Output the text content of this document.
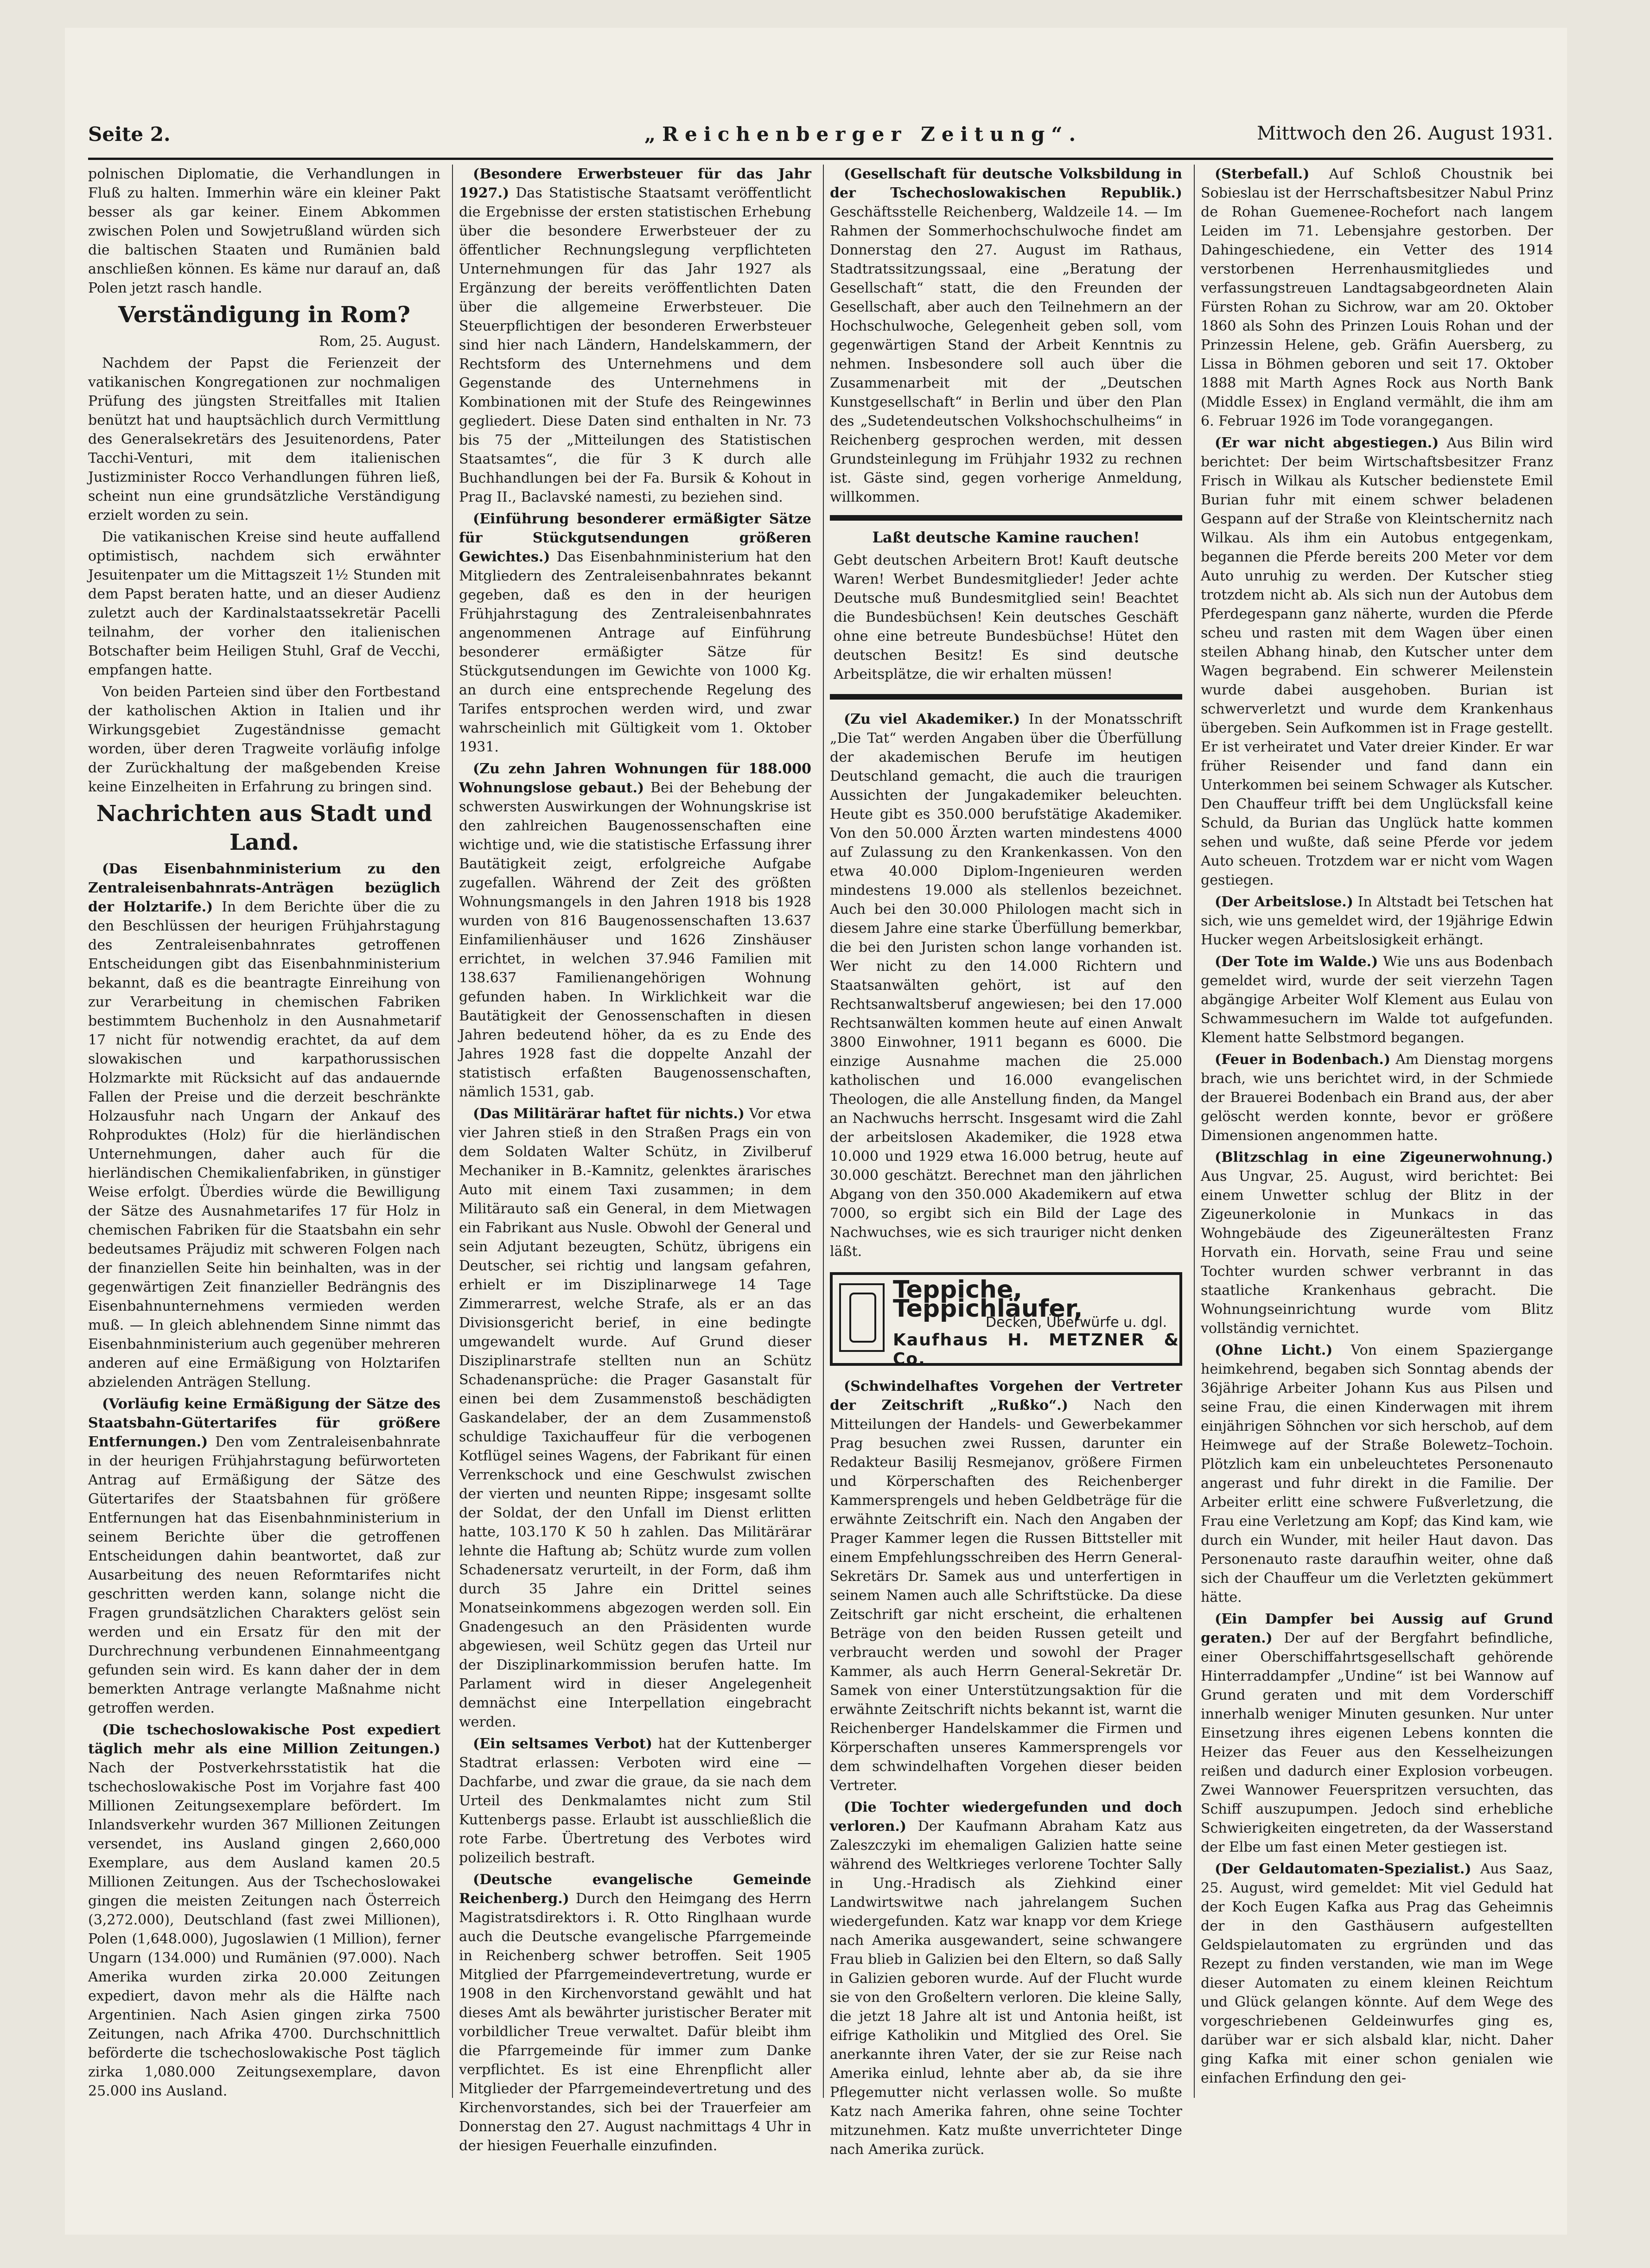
Seite 2.	„Reichenberger Zeitung“.	Mittwoch den 26. August 1931.

polnischen Diplomatie, die Verhandlungen in Fluß zu halten. Immerhin wäre ein kleiner Pakt besser als gar keiner. Einem Abkommen zwischen Polen und Sowjetrußland würden sich die baltischen Staaten und Rumänien bald anschließen können. Es käme nur darauf an, daß Polen jetzt rasch handle.

Verständigung in Rom?

Rom, 25. August.

Nachdem der Papst die Ferienzeit der vatikanischen Kongregationen zur nochmaligen Prüfung des jüngsten Streitfalles mit Italien benützt hat und hauptsächlich durch Vermittlung des Generalsekretärs des Jesuitenordens, Pater Tacchi-Venturi, mit dem italienischen Justizminister Rocco Verhandlungen führen ließ, scheint nun eine grundsätzliche Verständigung erzielt worden zu sein.

Die vatikanischen Kreise sind heute auffallend optimistisch, nachdem sich erwähnter Jesuitenpater um die Mittagszeit 1½ Stunden mit dem Papst beraten hatte, und an dieser Audienz zuletzt auch der Kardinalstaatssekretär Pacelli teilnahm, der vorher den italienischen Botschafter beim Heiligen Stuhl, Graf de Vecchi, empfangen hatte.

Von beiden Parteien sind über den Fortbestand der katholischen Aktion in Italien und ihr Wirkungsgebiet Zugeständnisse gemacht worden, über deren Tragweite vorläufig infolge der Zurückhaltung der maßgebenden Kreise keine Einzelheiten in Erfahrung zu bringen sind.

Nachrichten aus Stadt und Land.

(Das Eisenbahnministerium zu den Zentraleisenbahnrats-Anträgen bezüglich der Holztarife.) In dem Berichte über die zu den Beschlüssen der heurigen Frühjahrstagung des Zentraleisenbahnrates getroffenen Entscheidungen gibt das Eisenbahnministerium bekannt, daß es die beantragte Einreihung von zur Verarbeitung in chemischen Fabriken bestimmtem Buchenholz in den Ausnahmetarif 17 nicht für notwendig erachtet, da auf dem slowakischen und karpathorussischen Holzmarkte mit Rücksicht auf das andauernde Fallen der Preise und die derzeit beschränkte Holzausfuhr nach Ungarn der Ankauf des Rohproduktes (Holz) für die hierländischen Unternehmungen, daher auch für die hierländischen Chemikalienfabriken, in günstiger Weise erfolgt. Überdies würde die Bewilligung der Sätze des Ausnahmetarifes 17 für Holz in chemischen Fabriken für die Staatsbahn ein sehr bedeutsames Präjudiz mit schweren Folgen nach der finanziellen Seite hin beinhalten, was in der gegenwärtigen Zeit finanzieller Bedrängnis des Eisenbahnunternehmens vermieden werden muß. — In gleich ablehnendem Sinne nimmt das Eisenbahnministerium auch gegenüber mehreren anderen auf eine Ermäßigung von Holztarifen abzielenden Anträgen Stellung.

(Vorläufig keine Ermäßigung der Sätze des Staatsbahn-Gütertarifes für größere Entfernungen.) Den vom Zentraleisenbahnrate in der heurigen Frühjahrstagung befürworteten Antrag auf Ermäßigung der Sätze des Gütertarifes der Staatsbahnen für größere Entfernungen hat das Eisenbahnministerium in seinem Berichte über die getroffenen Entscheidungen dahin beantwortet, daß zur Ausarbeitung des neuen Reformtarifes nicht geschritten werden kann, solange nicht die Fragen grundsätzlichen Charakters gelöst sein werden und ein Ersatz für den mit der Durchrechnung verbundenen Einnahmeentgang gefunden sein wird. Es kann daher der in dem bemerkten Antrage verlangte Maßnahme nicht getroffen werden.

(Die tschechoslowakische Post expediert täglich mehr als eine Million Zeitungen.) Nach der Postverkehrsstatistik hat die tschechoslowakische Post im Vorjahre fast 400 Millionen Zeitungsexemplare befördert. Im Inlandsverkehr wurden 367 Millionen Zeitungen versendet, ins Ausland gingen 2,660,000 Exemplare, aus dem Ausland kamen 20.5 Millionen Zeitungen. Aus der Tschechoslowakei gingen die meisten Zeitungen nach Österreich (3,272.000), Deutschland (fast zwei Millionen), Polen (1,648.000), Jugoslawien (1 Million), ferner Ungarn (134.000) und Rumänien (97.000). Nach Amerika wurden zirka 20.000 Zeitungen expediert, davon mehr als die Hälfte nach Argentinien. Nach Asien gingen zirka 7500 Zeitungen, nach Afrika 4700. Durchschnittlich beförderte die tschechoslowakische Post täglich zirka 1,080.000 Zeitungsexemplare, davon 25.000 ins Ausland.

(Besondere Erwerbsteuer für das Jahr 1927.) Das Statistische Staatsamt veröffentlicht die Ergebnisse der ersten statistischen Erhebung über die besondere Erwerbsteuer der zu öffentlicher Rechnungslegung verpflichteten Unternehmungen für das Jahr 1927 als Ergänzung der bereits veröffentlichten Daten über die allgemeine Erwerbsteuer. Die Steuerpflichtigen der besonderen Erwerbsteuer sind hier nach Ländern, Handelskammern, der Rechtsform des Unternehmens und dem Gegenstande des Unternehmens in Kombinationen mit der Stufe des Reingewinnes gegliedert. Diese Daten sind enthalten in Nr. 73 bis 75 der „Mitteilungen des Statistischen Staatsamtes“, die für 3 K durch alle Buchhandlungen bei der Fa. Bursik & Kohout in Prag II., Baclavské namesti, zu beziehen sind.

(Einführung besonderer ermäßigter Sätze für Stückgutsendungen größeren Gewichtes.) Das Eisenbahnministerium hat den Mitgliedern des Zentraleisenbahnrates bekannt gegeben, daß es den in der heurigen Frühjahrstagung des Zentraleisenbahnrates angenommenen Antrage auf Einführung besonderer ermäßigter Sätze für Stückgutsendungen im Gewichte von 1000 Kg. an durch eine entsprechende Regelung des Tarifes entsprochen werden wird, und zwar wahrscheinlich mit Gültigkeit vom 1. Oktober 1931.

(Zu zehn Jahren Wohnungen für 188.000 Wohnungslose gebaut.) Bei der Behebung der schwersten Auswirkungen der Wohnungskrise ist den zahlreichen Baugenossenschaften eine wichtige und, wie die statistische Erfassung ihrer Bautätigkeit zeigt, erfolgreiche Aufgabe zugefallen. Während der Zeit des größten Wohnungsmangels in den Jahren 1918 bis 1928 wurden von 816 Baugenossenschaften 13.637 Einfamilienhäuser und 1626 Zinshäuser errichtet, in welchen 37.946 Familien mit 138.637 Familienangehörigen Wohnung gefunden haben. In Wirklichkeit war die Bautätigkeit der Genossenschaften in diesen Jahren bedeutend höher, da es zu Ende des Jahres 1928 fast die doppelte Anzahl der statistisch erfaßten Baugenossenschaften, nämlich 1531, gab.

(Das Militärärar haftet für nichts.) Vor etwa vier Jahren stieß in den Straßen Prags ein von dem Soldaten Walter Schütz, in Zivilberuf Mechaniker in B.-Kamnitz, gelenktes ärarisches Auto mit einem Taxi zusammen; in dem Militärauto saß ein General, in dem Mietwagen ein Fabrikant aus Nusle. Obwohl der General und sein Adjutant bezeugten, Schütz, übrigens ein Deutscher, sei richtig und langsam gefahren, erhielt er im Disziplinarwege 14 Tage Zimmerarrest, welche Strafe, als er an das Divisionsgericht berief, in eine bedingte umgewandelt wurde. Auf Grund dieser Disziplinarstrafe stellten nun an Schütz Schadenansprüche: die Prager Gasanstalt für einen bei dem Zusammenstoß beschädigten Gaskandelaber, der an dem Zusammenstoß schuldige Taxichauffeur für die verbogenen Kotflügel seines Wagens, der Fabrikant für einen Verrenkschock und eine Geschwulst zwischen der vierten und neunten Rippe; insgesamt sollte der Soldat, der den Unfall im Dienst erlitten hatte, 103.170 K 50 h zahlen. Das Militärärar lehnte die Haftung ab; Schütz wurde zum vollen Schadenersatz verurteilt, in der Form, daß ihm durch 35 Jahre ein Drittel seines Monatseinkommens abgezogen werden soll. Ein Gnadengesuch an den Präsidenten wurde abgewiesen, weil Schütz gegen das Urteil nur der Disziplinarkommission berufen hatte. Im Parlament wird in dieser Angelegenheit demnächst eine Interpellation eingebracht werden.

(Ein seltsames Verbot) hat der Kuttenberger Stadtrat erlassen: Verboten wird eine — Dachfarbe, und zwar die graue, da sie nach dem Urteil des Denkmalamtes nicht zum Stil Kuttenbergs passe. Erlaubt ist ausschließlich die rote Farbe. Übertretung des Verbotes wird polizeilich bestraft.

(Deutsche evangelische Gemeinde Reichenberg.) Durch den Heimgang des Herrn Magistratsdirektors i. R. Otto Ringlhaan wurde auch die Deutsche evangelische Pfarrgemeinde in Reichenberg schwer betroffen. Seit 1905 Mitglied der Pfarrgemeindevertretung, wurde er 1908 in den Kirchenvorstand gewählt und hat dieses Amt als bewährter juristischer Berater mit vorbildlicher Treue verwaltet. Dafür bleibt ihm die Pfarrgemeinde für immer zum Danke verpflichtet. Es ist eine Ehrenpflicht aller Mitglieder der Pfarrgemeindevertretung und des Kirchenvorstandes, sich bei der Trauerfeier am Donnerstag den 27. August nachmittags 4 Uhr in der hiesigen Feuerhalle einzufinden.

(Gesellschaft für deutsche Volksbildung in der Tschechoslowakischen Republik.) Geschäftsstelle Reichenberg, Waldzeile 14. — Im Rahmen der Sommerhochschulwoche findet am Donnerstag den 27. August im Rathaus, Stadtratssitzungssaal, eine „Beratung der Gesellschaft“ statt, die den Freunden der Gesellschaft, aber auch den Teilnehmern an der Hochschulwoche, Gelegenheit geben soll, vom gegenwärtigen Stand der Arbeit Kenntnis zu nehmen. Insbesondere soll auch über die Zusammenarbeit mit der „Deutschen Kunstgesellschaft“ in Berlin und über den Plan des „Sudetendeutschen Volkshochschulheims“ in Reichenberg gesprochen werden, mit dessen Grundsteinlegung im Frühjahr 1932 zu rechnen ist. Gäste sind, gegen vorherige Anmeldung, willkommen.

Laßt deutsche Kamine rauchen!

Gebt deutschen Arbeitern Brot! Kauft deutsche Waren! Werbet Bundesmitglieder! Jeder achte Deutsche muß Bundesmitglied sein! Beachtet die Bundesbüchsen! Kein deutsches Geschäft ohne eine betreute Bundesbüchse! Hütet den deutschen Besitz! Es sind deutsche Arbeitsplätze, die wir erhalten müssen!

(Zu viel Akademiker.) In der Monatsschrift „Die Tat“ werden Angaben über die Überfüllung der akademischen Berufe im heutigen Deutschland gemacht, die auch die traurigen Aussichten der Jungakademiker beleuchten. Heute gibt es 350.000 berufstätige Akademiker. Von den 50.000 Ärzten warten mindestens 4000 auf Zulassung zu den Krankenkassen. Von den etwa 40.000 Diplom-Ingenieuren werden mindestens 19.000 als stellenlos bezeichnet. Auch bei den 30.000 Philologen macht sich in diesem Jahre eine starke Überfüllung bemerkbar, die bei den Juristen schon lange vorhanden ist. Wer nicht zu den 14.000 Richtern und Staatsanwälten gehört, ist auf den Rechtsanwaltsberuf angewiesen; bei den 17.000 Rechtsanwälten kommen heute auf einen Anwalt 3800 Einwohner, 1911 begann es 6000. Die einzige Ausnahme machen die 25.000 katholischen und 16.000 evangelischen Theologen, die alle Anstellung finden, da Mangel an Nachwuchs herrscht. Insgesamt wird die Zahl der arbeitslosen Akademiker, die 1928 etwa 10.000 und 1929 etwa 16.000 betrug, heute auf 30.000 geschätzt. Berechnet man den jährlichen Abgang von den 350.000 Akademikern auf etwa 7000, so ergibt sich ein Bild der Lage des Nachwuchses, wie es sich trauriger nicht denken läßt.

Teppiche, Teppichläufer,
Decken, Überwürfe u. dgl.
Kaufhaus H. METZNER & Co.

(Schwindelhaftes Vorgehen der Vertreter der Zeitschrift „Rußko“.) Nach den Mitteilungen der Handels- und Gewerbekammer Prag besuchen zwei Russen, darunter ein Redakteur Basilij Resmejanov, größere Firmen und Körperschaften des Reichenberger Kammersprengels und heben Geldbeträge für die erwähnte Zeitschrift ein. Nach den Angaben der Prager Kammer legen die Russen Bittsteller mit einem Empfehlungsschreiben des Herrn General-Sekretärs Dr. Samek aus und unterfertigen in seinem Namen auch alle Schriftstücke. Da diese Zeitschrift gar nicht erscheint, die erhaltenen Beträge von den beiden Russen geteilt und verbraucht werden und sowohl der Prager Kammer, als auch Herrn General-Sekretär Dr. Samek von einer Unterstützungsaktion für die erwähnte Zeitschrift nichts bekannt ist, warnt die Reichenberger Handelskammer die Firmen und Körperschaften unseres Kammersprengels vor dem schwindelhaften Vorgehen dieser beiden Vertreter.

(Die Tochter wiedergefunden und doch verloren.) Der Kaufmann Abraham Katz aus Zaleszczyki im ehemaligen Galizien hatte seine während des Weltkrieges verlorene Tochter Sally in Ung.-Hradisch als Ziehkind einer Landwirtswitwe nach jahrelangem Suchen wiedergefunden. Katz war knapp vor dem Kriege nach Amerika ausgewandert, seine schwangere Frau blieb in Galizien bei den Eltern, so daß Sally in Galizien geboren wurde. Auf der Flucht wurde sie von den Großeltern verloren. Die kleine Sally, die jetzt 18 Jahre alt ist und Antonia heißt, ist eifrige Katholikin und Mitglied des Orel. Sie anerkannte ihren Vater, der sie zur Reise nach Amerika einlud, lehnte aber ab, da sie ihre Pflegemutter nicht verlassen wolle. So mußte Katz nach Amerika fahren, ohne seine Tochter mitzunehmen. Katz mußte unverrichteter Dinge nach Amerika zurück.

(Sterbefall.) Auf Schloß Choustnik bei Sobieslau ist der Herrschaftsbesitzer Nabul Prinz de Rohan Guemenee-Rochefort nach langem Leiden im 71. Lebensjahre gestorben. Der Dahingeschiedene, ein Vetter des 1914 verstorbenen Herrenhausmitgliedes und verfassungstreuen Landtagsabgeordneten Alain Fürsten Rohan zu Sichrow, war am 20. Oktober 1860 als Sohn des Prinzen Louis Rohan und der Prinzessin Helene, geb. Gräfin Auersberg, zu Lissa in Böhmen geboren und seit 17. Oktober 1888 mit Marth Agnes Rock aus North Bank (Middle Essex) in England vermählt, die ihm am 6. Februar 1926 im Tode vorangegangen.

(Er war nicht abgestiegen.) Aus Bilin wird berichtet: Der beim Wirtschaftsbesitzer Franz Frisch in Wilkau als Kutscher bedienstete Emil Burian fuhr mit einem schwer beladenen Gespann auf der Straße von Kleintschernitz nach Wilkau. Als ihm ein Autobus entgegenkam, begannen die Pferde bereits 200 Meter vor dem Auto unruhig zu werden. Der Kutscher stieg trotzdem nicht ab. Als sich nun der Autobus dem Pferdegespann ganz näherte, wurden die Pferde scheu und rasten mit dem Wagen über einen steilen Abhang hinab, den Kutscher unter dem Wagen begrabend. Ein schwerer Meilenstein wurde dabei ausgehoben. Burian ist schwerverletzt und wurde dem Krankenhaus übergeben. Sein Aufkommen ist in Frage gestellt. Er ist verheiratet und Vater dreier Kinder. Er war früher Reisender und fand dann ein Unterkommen bei seinem Schwager als Kutscher. Den Chauffeur trifft bei dem Unglücksfall keine Schuld, da Burian das Unglück hatte kommen sehen und wußte, daß seine Pferde vor jedem Auto scheuen. Trotzdem war er nicht vom Wagen gestiegen.

(Der Arbeitslose.) In Altstadt bei Tetschen hat sich, wie uns gemeldet wird, der 19jährige Edwin Hucker wegen Arbeitslosigkeit erhängt.

(Der Tote im Walde.) Wie uns aus Bodenbach gemeldet wird, wurde der seit vierzehn Tagen abgängige Arbeiter Wolf Klement aus Eulau von Schwammesuchern im Walde tot aufgefunden. Klement hatte Selbstmord begangen.

(Feuer in Bodenbach.) Am Dienstag morgens brach, wie uns berichtet wird, in der Schmiede der Brauerei Bodenbach ein Brand aus, der aber gelöscht werden konnte, bevor er größere Dimensionen angenommen hatte.

(Blitzschlag in eine Zigeunerwohnung.) Aus Ungvar, 25. August, wird berichtet: Bei einem Unwetter schlug der Blitz in der Zigeunerkolonie in Munkacs in das Wohngebäude des Zigeunerältesten Franz Horvath ein. Horvath, seine Frau und seine Tochter wurden schwer verbrannt in das staatliche Krankenhaus gebracht. Die Wohnungseinrichtung wurde vom Blitz vollständig vernichtet.

(Ohne Licht.) Von einem Spaziergange heimkehrend, begaben sich Sonntag abends der 36jährige Arbeiter Johann Kus aus Pilsen und seine Frau, die einen Kinderwagen mit ihrem einjährigen Söhnchen vor sich herschob, auf dem Heimwege auf der Straße Bolewetz–Tochoin. Plötzlich kam ein unbeleuchtetes Personenauto angerast und fuhr direkt in die Familie. Der Arbeiter erlitt eine schwere Fußverletzung, die Frau eine Verletzung am Kopf; das Kind kam, wie durch ein Wunder, mit heiler Haut davon. Das Personenauto raste daraufhin weiter, ohne daß sich der Chauffeur um die Verletzten gekümmert hätte.

(Ein Dampfer bei Aussig auf Grund geraten.) Der auf der Bergfahrt befindliche, einer Oberschiffahrtsgesellschaft gehörende Hinterraddampfer „Undine“ ist bei Wannow auf Grund geraten und mit dem Vorderschiff innerhalb weniger Minuten gesunken. Nur unter Einsetzung ihres eigenen Lebens konnten die Heizer das Feuer aus den Kesselheizungen reißen und dadurch einer Explosion vorbeugen. Zwei Wannower Feuerspritzen versuchten, das Schiff auszupumpen. Jedoch sind erhebliche Schwierigkeiten eingetreten, da der Wasserstand der Elbe um fast einen Meter gestiegen ist.

(Der Geldautomaten-Spezialist.) Aus Saaz, 25. August, wird gemeldet: Mit viel Geduld hat der Koch Eugen Kafka aus Prag das Geheimnis der in den Gasthäusern aufgestellten Geldspielautomaten zu ergründen und das Rezept zu finden verstanden, wie man im Wege dieser Automaten zu einem kleinen Reichtum und Glück gelangen könnte. Auf dem Wege des vorgeschriebenen Geldeinwurfes ging es, darüber war er sich alsbald klar, nicht. Daher ging Kafka mit einer schon genialen wie einfachen Erfindung den gei-
